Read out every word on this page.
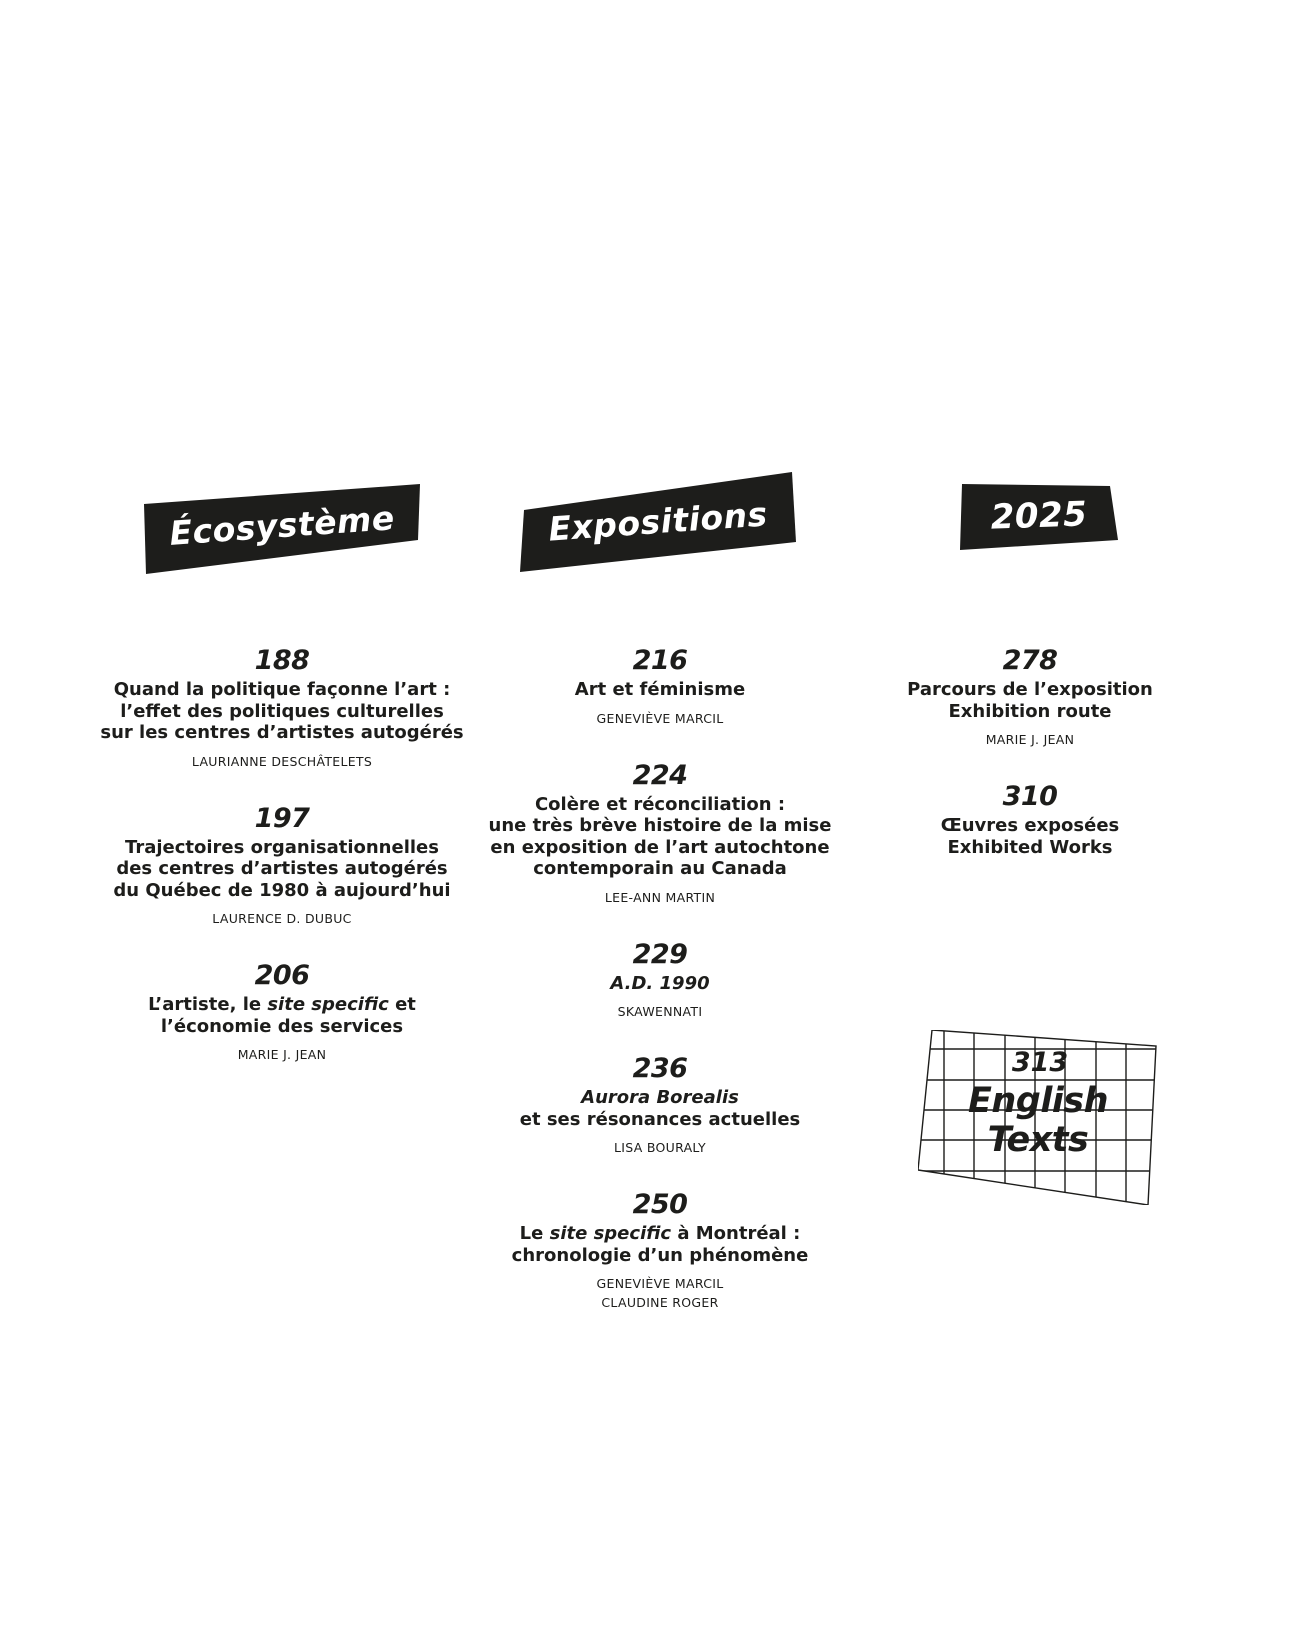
Écosystème	Expositions	2025
188
Quand la politique façonne l’art :
l’effet des politiques culturelles
sur les centres d’artistes autogérés
LAURIANNE DESCHÂTELETS
197
Trajectoires organisationnelles
des centres d’artistes autogérés
du Québec de 1980 à aujourd’hui
LAURENCE D. DUBUC
206
L’artiste, le site specific et
l’économie des services
MARIE J. JEAN
216
Art et féminisme
GENEVIÈVE MARCIL
224
Colère et réconciliation :
une très brève histoire de la mise
en exposition de l’art autochtone
contemporain au Canada
LEE-ANN MARTIN
229
A.D. 1990
SKAWENNATI
236
Aurora Borealis
et ses résonances actuelles
LISA BOURALY
250
Le site specific à Montréal :
chronologie d’un phénomène
GENEVIÈVE MARCIL
CLAUDINE ROGER
278
Parcours de l’exposition
Exhibition route
MARIE J. JEAN
310
Œuvres exposées
Exhibited Works
313
English
Texts
